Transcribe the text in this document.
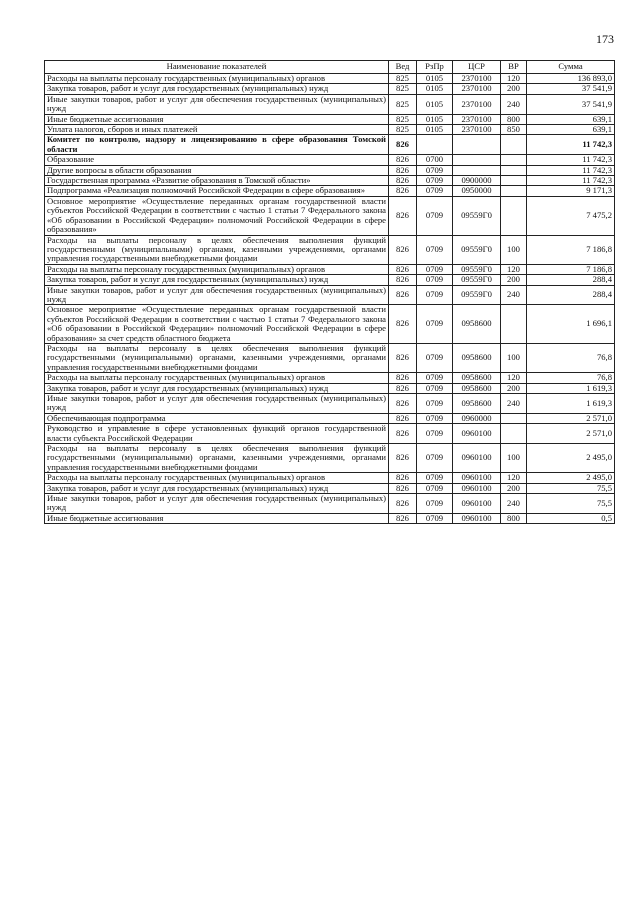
173
Наименование показателей	Вед	РзПр	ЦСР	ВР	Сумма
Расходы на выплаты персоналу государственных (муниципальных) органов	825	0105	2370100	120	136 893,0
Закупка товаров, работ и услуг для государственных (муниципальных) нужд	825	0105	2370100	200	37 541,9
Иные закупки товаров, работ и услуг для обеспечения государственных (муниципальных) нужд	825	0105	2370100	240	37 541,9
Иные бюджетные ассигнования	825	0105	2370100	800	639,1
Уплата налогов, сборов и иных платежей	825	0105	2370100	850	639,1
Комитет по контролю, надзору и лицензированию в сфере образования Томской области	826				11 742,3
Образование	826	0700			11 742,3
Другие вопросы в области образования	826	0709			11 742,3
Государственная программа «Развитие образования в Томской области»	826	0709	0900000		11 742,3
Подпрограмма «Реализация полномочий Российской Федерации в сфере образования»	826	0709	0950000		9 171,3
Основное мероприятие «Осуществление переданных органам государственной власти субъектов Российской Федерации в соответствии с частью 1 статьи 7 Федерального закона «Об образовании в Российской Федерации» полномочий Российской Федерации в сфере образования»	826	0709	09559Г0		7 475,2
Расходы на выплаты персоналу в целях обеспечения выполнения функций государственными (муниципальными) органами, казенными учреждениями, органами управления государственными внебюджетными фондами	826	0709	09559Г0	100	7 186,8
Расходы на выплаты персоналу государственных (муниципальных) органов	826	0709	09559Г0	120	7 186,8
Закупка товаров, работ и услуг для государственных (муниципальных) нужд	826	0709	09559Г0	200	288,4
Иные закупки товаров, работ и услуг для обеспечения государственных (муниципальных) нужд	826	0709	09559Г0	240	288,4
Основное мероприятие «Осуществление переданных органам государственной власти субъектов Российской Федерации в соответствии с частью 1 статьи 7 Федерального закона «Об образовании в Российской Федерации» полномочий Российской Федерации в сфере образования» за счет средств областного бюджета	826	0709	0958600		1 696,1
Расходы на выплаты персоналу в целях обеспечения выполнения функций государственными (муниципальными) органами, казенными учреждениями, органами управления государственными внебюджетными фондами	826	0709	0958600	100	76,8
Расходы на выплаты персоналу государственных (муниципальных) органов	826	0709	0958600	120	76,8
Закупка товаров, работ и услуг для государственных (муниципальных) нужд	826	0709	0958600	200	1 619,3
Иные закупки товаров, работ и услуг для обеспечения государственных (муниципальных) нужд	826	0709	0958600	240	1 619,3
Обеспечивающая подпрограмма	826	0709	0960000		2 571,0
Руководство и управление в сфере установленных функций органов государственной власти субъекта Российской Федерации	826	0709	0960100		2 571,0
Расходы на выплаты персоналу в целях обеспечения выполнения функций государственными (муниципальными) органами, казенными учреждениями, органами управления государственными внебюджетными фондами	826	0709	0960100	100	2 495,0
Расходы на выплаты персоналу государственных (муниципальных) органов	826	0709	0960100	120	2 495,0
Закупка товаров, работ и услуг для государственных (муниципальных) нужд	826	0709	0960100	200	75,5
Иные закупки товаров, работ и услуг для обеспечения государственных (муниципальных) нужд	826	0709	0960100	240	75,5
Иные бюджетные ассигнования	826	0709	0960100	800	0,5
